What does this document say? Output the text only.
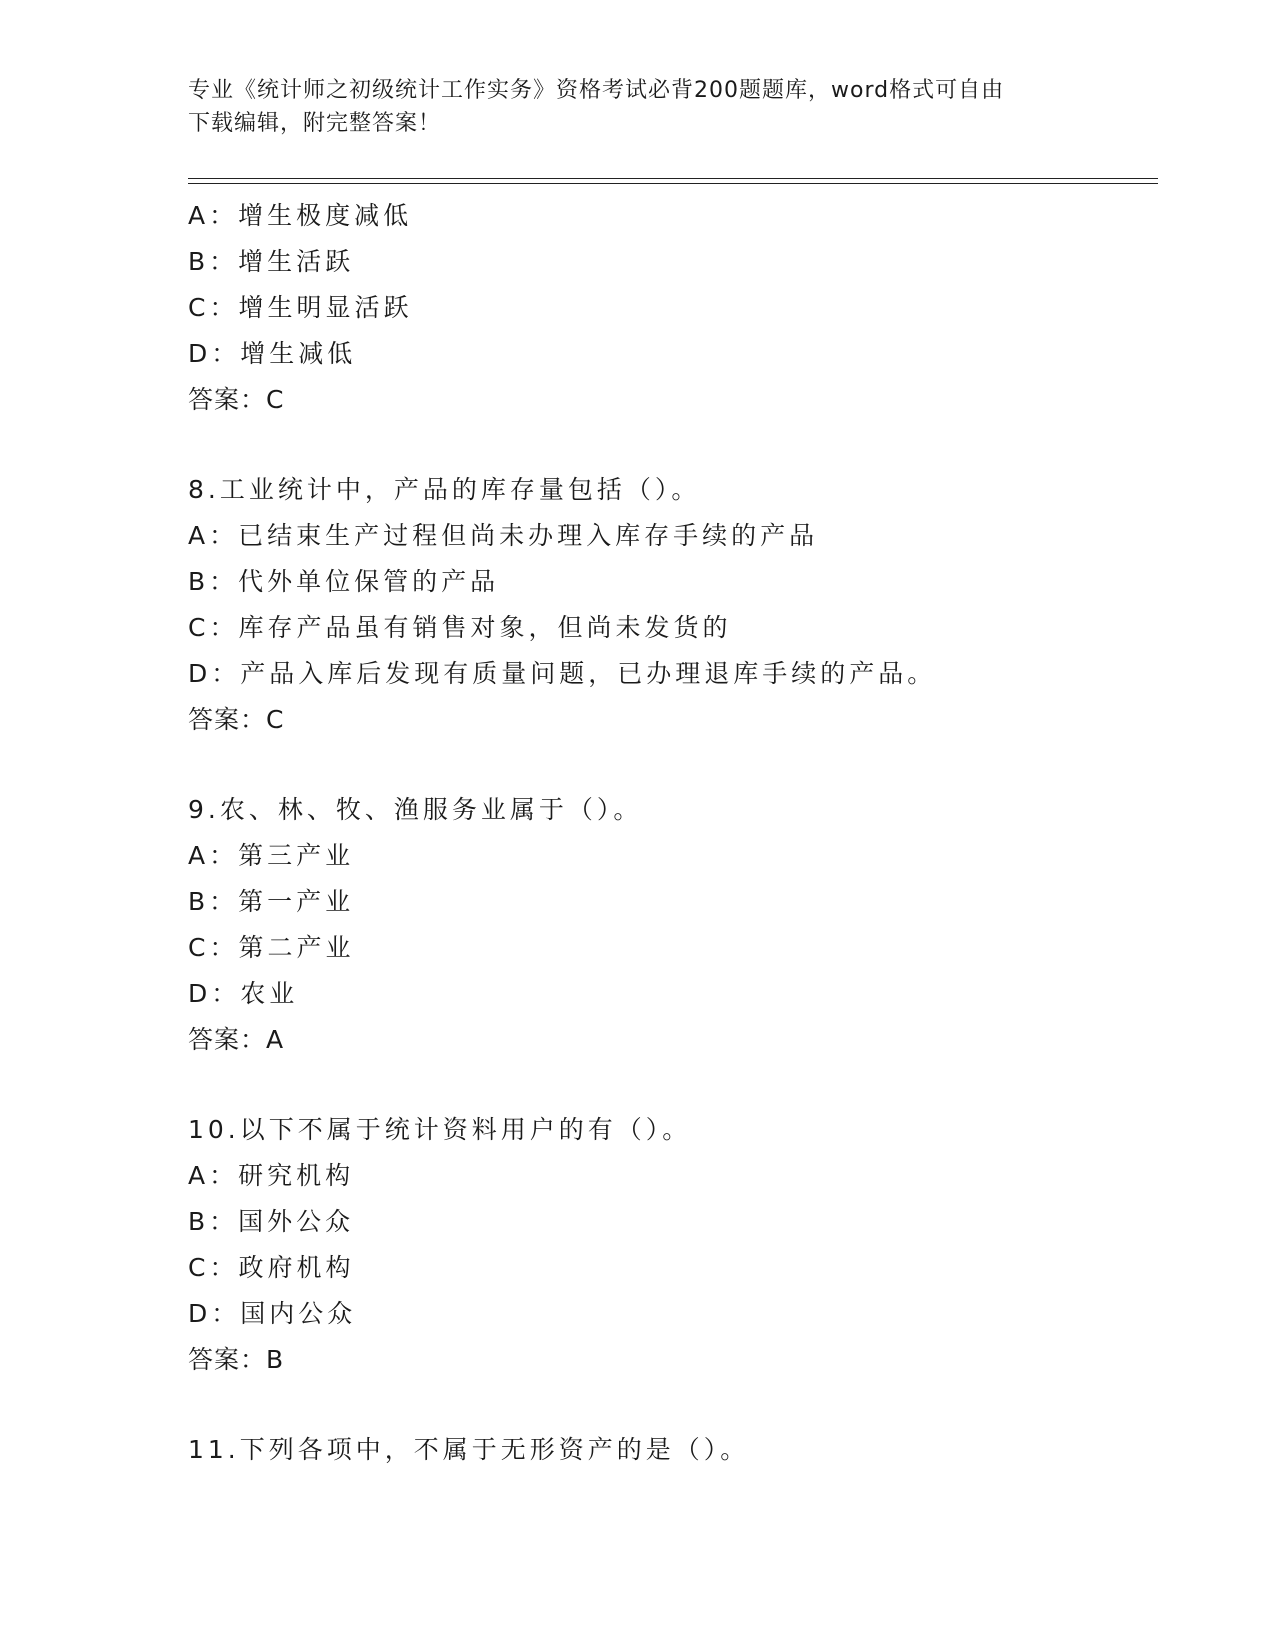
专业《统计师之初级统计工作实务》资格考试必背200题题库，word格式可自由
下载编辑，附完整答案！
A：增生极度减低
B：增生活跃
C：增生明显活跃
D：增生减低
答案：C
8.工业统计中，产品的库存量包括（）。
A：已结束生产过程但尚未办理入库存手续的产品
B：代外单位保管的产品
C：库存产品虽有销售对象，但尚未发货的
D：产品入库后发现有质量问题，已办理退库手续的产品。
答案：C
9.农、林、牧、渔服务业属于（）。
A：第三产业
B：第一产业
C：第二产业
D：农业
答案：A
10.以下不属于统计资料用户的有（）。
A：研究机构
B：国外公众
C：政府机构
D：国内公众
答案：B
11.下列各项中，不属于无形资产的是（）。
